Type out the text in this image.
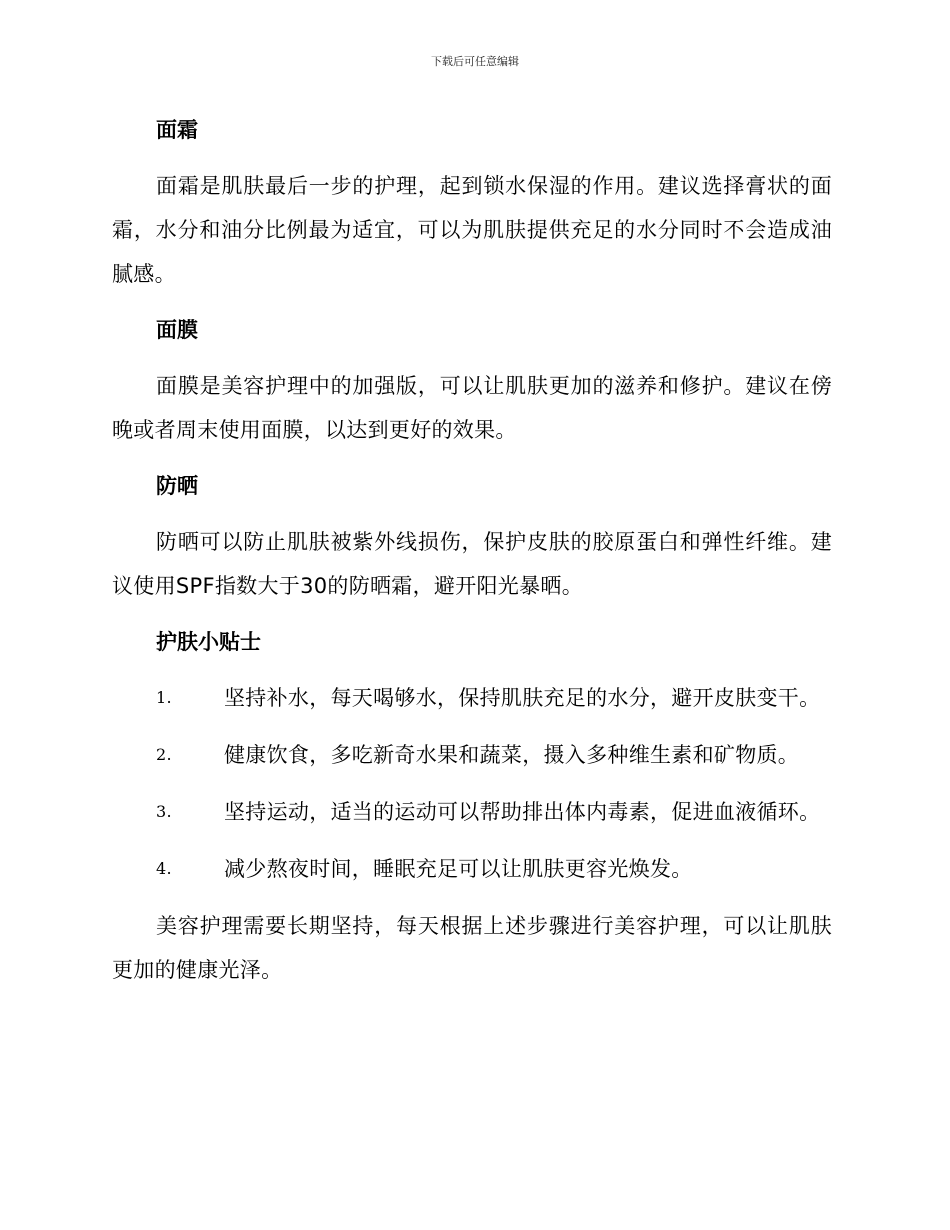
下载后可任意编辑
面霜

面霜是肌肤最后一步的护理，起到锁水保湿的作用。建议选择膏状的面霜，水分和油分比例最为适宜，可以为肌肤提供充足的水分同时不会造成油腻感。

面膜

面膜是美容护理中的加强版，可以让肌肤更加的滋养和修护。建议在傍晚或者周末使用面膜，以达到更好的效果。

防晒

防晒可以防止肌肤被紫外线损伤，保护皮肤的胶原蛋白和弹性纤维。建议使用SPF指数大于30的防晒霜，避开阳光暴晒。

护肤小贴士
1. 坚持补水，每天喝够水，保持肌肤充足的水分，避开皮肤变干。
2. 健康饮食，多吃新奇水果和蔬菜，摄入多种维生素和矿物质。
3. 坚持运动，适当的运动可以帮助排出体内毒素，促进血液循环。
4. 减少熬夜时间，睡眠充足可以让肌肤更容光焕发。

美容护理需要长期坚持，每天根据上述步骤进行美容护理，可以让肌肤更加的健康光泽。
